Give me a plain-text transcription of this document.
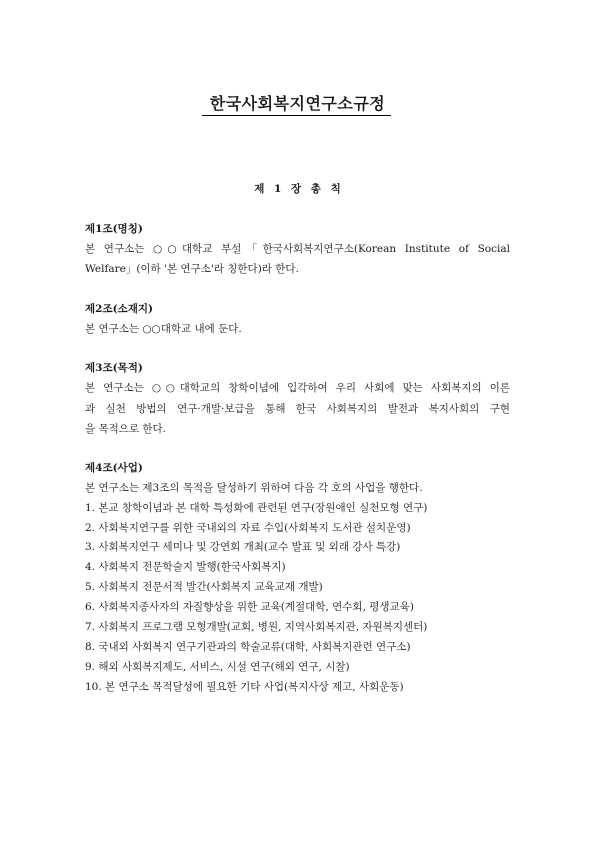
한국사회복지연구소규정
제 1 장 총 칙
제1조(명칭)
본 연구소는 ○○대학교 부설「한국사회복지연구소(Korean Institute of Social
Welfare」(이하 '본 연구소'라 칭한다)라 한다.
제2조(소재지)
본 연구소는 ○○대학교 내에 둔다.
제3조(목적)
본 연구소는 ○○대학교의 창학이념에 입각하여 우리 사회에 맞는 사회복지의 이론
과 실천 방법의 연구·개발·보급을 통해 한국 사회복지의 발전과 복지사회의 구현
을 목적으로 한다.
제4조(사업)
본 연구소는 제3조의 목적을 달성하기 위하여 다음 각 호의 사업을 행한다.
1. 본교 창학이념과 본 대학 특성화에 관련된 연구(장원애인 실천모형 연구)
2. 사회복지연구를 위한 국내외의 자료 수입(사회복지 도서관 설치운영)
3. 사회복지연구 세미나 및 강연회 개최(교수 발표 및 외래 강사 특강)
4. 사회복지 전문학술지 발행(한국사회복지)
5. 사회복지 전문서적 발간(사회복지 교육교재 개발)
6. 사회복지종사자의 자질향상을 위한 교육(계절대학, 연수회, 평생교육)
7. 사회복지 프로그램 모형개발(교회, 병원, 지역사회복지관, 자원복지센터)
8. 국내외 사회복지 연구기관과의 학술교류(대학, 사회복지관련 연구소)
9. 해외 사회복지제도, 서비스, 시설 연구(해외 연구, 시찰)
10. 본 연구소 목적달성에 필요한 기타 사업(복지사상 제고, 사회운동)
